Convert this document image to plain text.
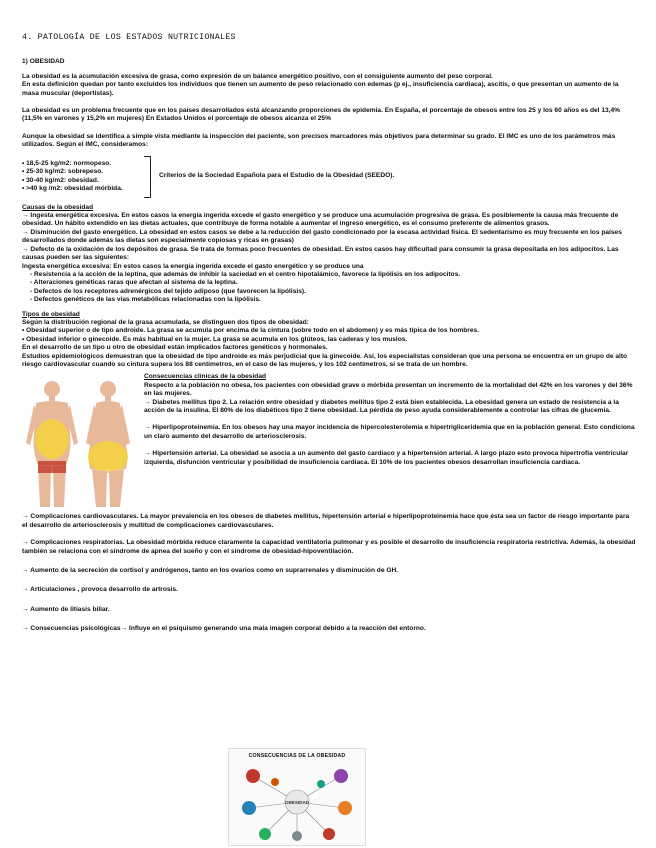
4. PATOLOGÍA DE LOS ESTADOS NUTRICIONALES

1) OBESIDAD

La obesidad es la acumulación excesiva de grasa, como expresión de un balance energético positivo, con el consiguiente aumento del peso corporal.

En esta definición quedan por tanto excluidos los individuos que tienen un aumento de peso relacionado con edemas (p ej., insuficiencia cardiaca), ascitis, o que presentan un aumento de la masa muscular (deportistas).

La obesidad es un problema frecuente que en los países desarrollados está alcanzando proporciones de epidemia. En España, el porcentaje de obesos entre los 25 y los 60 años es del 13,4% (11,5% en varones y 15,2% en mujeres) En Estados Unidos el porcentaje de obesos alcanza el 25%

Aunque la obesidad se identifica a simple vista mediante la inspección del paciente, son precisos marcadores más objetivos para determinar su grado. El IMC es uno de los parámetros más utilizados. Según el IMC, consideramos:

• 18,5-25 kg/m2: normopeso.
• 25-30 kg/m2: sobrepeso.
• 30-40 kg/m2: obesidad.
• >40 kg /m2: obesidad mórbida.
Criterios de la Sociedad Española para el Estudio de la Obesidad (SEEDO).

Causas de la obesidad

→ Ingesta energética excesiva. En estos casos la energía ingerida excede el gasto energético y se produce una acumulación progresiva de grasa. Es posiblemente la causa más frecuente de obesidad. Un hábito extendido en las dietas actuales, que contribuye de forma notable a aumentar el ingreso energético, es el consumo preferente de alimentos grasos.

→ Disminución del gasto energético. La obesidad en estos casos se debe a la reducción del gasto condicionado por la escasa actividad física. El sedentarismo es muy frecuente en los países desarrollados donde además las dietas son especialmente copiosas y ricas en grasas)

→ Defecto de la oxidación de los depósitos de grasa. Se trata de formas poco frecuentes de obesidad. En estos casos hay dificultad para consumir la grasa depositada en los adipocitos. Las causas pueden ser las siguientes:

Ingesta energética excesiva: En estos casos la energía ingerida excede el gasto energético y se produce una

- Resistencia a la acción de la leptina, que además de inhibir la saciedad en el centro hipotalámico, favorece la lipólisis en los adipocitos.

- Alteraciones genéticas raras que afectan al sistema de la leptina.

- Defectos de los receptores adrenérgicos del tejido adiposo (que favorecen la lipólisis).

- Defectos genéticos de las vías metabólicas relacionadas con la lipólisis.

Tipos de obesidad

Según la distribución regional de la grasa acumulada, se distinguen dos tipos de obesidad:

• Obesidad superior o de tipo androide. La grasa se acumula por encima de la cintura (sobre todo en el abdomen) y es más típica de los hombres.

• Obesidad inferior o ginecoide. Es más habitual en la mujer. La grasa se acumula en los glúteos, las caderas y los muslos.

En el desarrollo de un tipo u otro de obesidad están implicados factores genéticos y hormonales.

Estudios epidemiológicos demuestran que la obesidad de tipo androide es más perjudicial que la ginecoide. Así, los especialistas consideran que una persona se encuentra en un grupo de alto riesgo cardiovascular cuando su cintura supera los 88 centímetros, en el caso de las mujeres, y los 102 centímetros, si se trata de un hombre.

Consecuencias clínicas de la obesidad

Respecto a la población no obesa, los pacientes con obesidad grave o mórbida presentan un incremento de la mortalidad del 42% en los varones y del 36% en las mujeres.

→ Diabetes mellitus tipo 2. La relación entre obesidad y diabetes mellitus tipo 2 está bien establecida. La obesidad genera un estado de resistencia a la acción de la insulina. El 80% de los diabéticos tipo 2 tiene obesidad. La pérdida de peso ayuda considerablemente a controlar las cifras de glucemia.

→ Hiperlipoproteinemia. En los obesos hay una mayor incidencia de hipercolesterolemia e hipertrigliceridemia que en la población general. Esto condiciona un claro aumento del desarrollo de arteriosclerosis.

→ Hipertensión arterial. La obesidad se asocia a un aumento del gasto cardiaco y a hipertensión arterial. A largo plazo esto provoca hipertrofia ventricular izquierda, disfunción ventricular y posibilidad de insuficiencia cardiaca. El 10% de los pacientes obesos desarrollan insuficiencia cardiaca.

→ Complicaciones cardiovasculares. La mayor prevalencia en los obesos de diabetes mellitus, hipertensión arterial e hiperlipoproteinemia hace que ésta sea un factor de riesgo importante para el desarrollo de arteriosclerosis y multitud de complicaciones cardiovasculares.

→ Complicaciones respiratorias. La obesidad mórbida reduce claramente la capacidad ventilatoria pulmonar y es posible el desarrollo de insuficiencia respiratoria restrictiva. Además, la obesidad también se relaciona con el síndrome de apnea del sueño y con el síndrome de obesidad-hipoventilación.

→ Aumento de la secreción de cortisol y andrógenos, tanto en los ovarios como en suprarrenales y disminución de GH.

→ Articulaciones , provoca desarrollo de artrosis.

→ Aumento de litiasis biliar.

→ Consecuencias psicológicas→ Influye en el psiquismo generando una mala imagen corporal debido a la reacción del entorno.

CONSECUENCIAS DE LA OBESIDAD
OBESIDAD
